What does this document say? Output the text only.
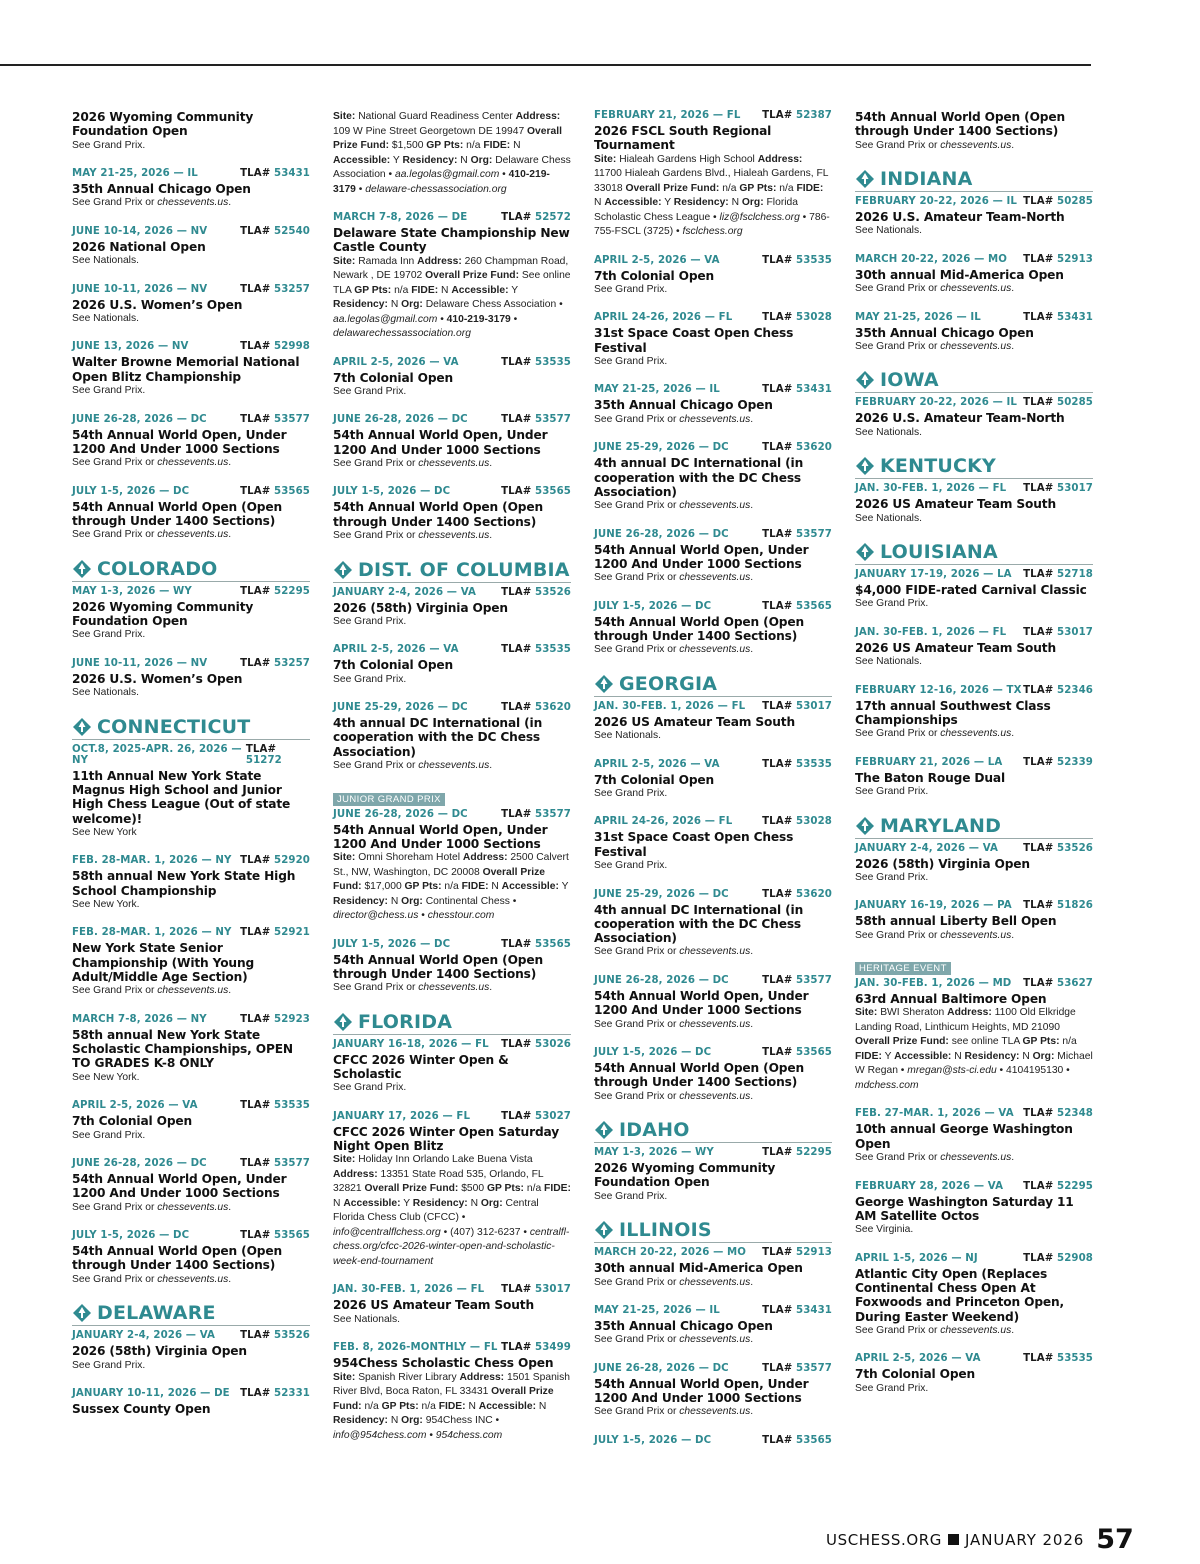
2026 Wyoming Community Foundation Open
See Grand Prix.
MAY 21-25, 2026 — IL	TLA# 53431
35th Annual Chicago Open
See Grand Prix or chessevents.us.
JUNE 10-14, 2026 — NV	TLA# 52540
2026 National Open
See Nationals.
JUNE 10-11, 2026 — NV	TLA# 53257
2026 U.S. Women’s Open
See Nationals.
JUNE 13, 2026 — NV	TLA# 52998
Walter Browne Memorial National Open Blitz Championship
See Grand Prix.
JUNE 26-28, 2026 — DC	TLA# 53577
54th Annual World Open, Under 1200 And Under 1000 Sections
See Grand Prix or chessevents.us.
JULY 1-5, 2026 — DC	TLA# 53565
54th Annual World Open (Open through Under 1400 Sections)
See Grand Prix or chessevents.us.
COLORADO
MAY 1-3, 2026 — WY	TLA# 52295
2026 Wyoming Community Foundation Open
See Grand Prix.
JUNE 10-11, 2026 — NV	TLA# 53257
2026 U.S. Women’s Open
See Nationals.
CONNECTICUT
OCT.8, 2025-APR. 26, 2026 — NY
TLA# 51272
11th Annual New York State Magnus High School and Junior High Chess League (Out of state welcome)!
See New York
FEB. 28-MAR. 1, 2026 — NY TLA# 52920
58th annual New York State High School Championship
See New York.
FEB. 28-MAR. 1, 2026 — NY TLA# 52921
New York State Senior Championship (With Young Adult/Middle Age Section)
See Grand Prix or chessevents.us.
MARCH 7-8, 2026 — NY	TLA# 52923
58th annual New York State Scholastic Championships, OPEN TO GRADES K-8 ONLY
See New York.
APRIL 2-5, 2026 — VA	TLA# 53535
7th Colonial Open
See Grand Prix.
JUNE 26-28, 2026 — DC	TLA# 53577
54th Annual World Open, Under 1200 And Under 1000 Sections
See Grand Prix or chessevents.us.
JULY 1-5, 2026 — DC	TLA# 53565
54th Annual World Open (Open through Under 1400 Sections)
See Grand Prix or chessevents.us.
DELAWARE
JANUARY 2-4, 2026 — VA TLA# 53526
2026 (58th) Virginia Open
See Grand Prix.
JANUARY 10-11, 2026 — DE TLA# 52331
Sussex County Open
Site: National Guard Readiness Center Address: 109 W Pine Street Georgetown DE 19947 Overall Prize Fund: $1,500 GP Pts: n/a FIDE: N Accessible: Y Residency: N Org: Delaware Chess Association • aa.legolas@gmail.com • 410-219-3179 • delaware-chessassociation.org
MARCH 7-8, 2026 — DE	TLA# 52572
Delaware State Championship New Castle County
Site: Ramada Inn Address: 260 Champman Road, Newark , DE 19702 Overall Prize Fund: See online TLA GP Pts: n/a FIDE: N Accessible: Y Residency: N Org: Delaware Chess Association • aa.legolas@gmail.com • 410-219-3179 • delawarechessassociation.org
APRIL 2-5, 2026 — VA	TLA# 53535
7th Colonial Open
See Grand Prix.
JUNE 26-28, 2026 — DC	TLA# 53577
54th Annual World Open, Under 1200 And Under 1000 Sections
See Grand Prix or chessevents.us.
JULY 1-5, 2026 — DC	TLA# 53565
54th Annual World Open (Open through Under 1400 Sections)
See Grand Prix or chessevents.us.
DIST. OF COLUMBIA
JANUARY 2-4, 2026 — VA TLA# 53526
2026 (58th) Virginia Open
See Grand Prix.
APRIL 2-5, 2026 — VA	TLA# 53535
7th Colonial Open
See Grand Prix.
JUNE 25-29, 2026 — DC	TLA# 53620
4th annual DC International (in cooperation with the DC Chess Association)
See Grand Prix or chessevents.us.
JUNIOR GRAND PRIX
JUNE 26-28, 2026 — DC	TLA# 53577
54th Annual World Open, Under 1200 And Under 1000 Sections
Site: Omni Shoreham Hotel Address: 2500 Calvert St., NW, Washington, DC 20008 Overall Prize Fund: $17,000 GP Pts: n/a FIDE: N Accessible: Y Residency: N Org: Continental Chess • director@chess.us • chesstour.com
JULY 1-5, 2026 — DC	TLA# 53565
54th Annual World Open (Open through Under 1400 Sections)
See Grand Prix or chessevents.us.
FLORIDA
JANUARY 16-18, 2026 — FL TLA# 53026
CFCC 2026 Winter Open & Scholastic
See Grand Prix.
JANUARY 17, 2026 — FL	TLA# 53027
CFCC 2026 Winter Open Saturday Night Open Blitz
Site: Holiday Inn Orlando Lake Buena Vista Address: 13351 State Road 535, Orlando, FL 32821 Overall Prize Fund: $500 GP Pts: n/a FIDE: N Accessible: Y Residency: N Org: Central Florida Chess Club (CFCC) • info@centralflchess.org • (407) 312-6237 • centralfl-chess.org/cfcc-2026-winter-open-and-scholastic-week-end-tournament
JAN. 30-FEB. 1, 2026 — FL TLA# 53017
2026 US Amateur Team South
See Nationals.
FEB. 8, 2026-MONTHLY — FL TLA# 53499
954Chess Scholastic Chess Open
Site: Spanish River Library Address: 1501 Spanish River Blvd, Boca Raton, FL 33431 Overall Prize Fund: n/a GP Pts: n/a FIDE: N Accessible: N Residency: N Org: 954Chess INC • info@954chess.com • 954chess.com
FEBRUARY 21, 2026 — FL TLA# 52387
2026 FSCL South Regional Tournament
Site: Hialeah Gardens High School Address: 11700 Hialeah Gardens Blvd., Hialeah Gardens, FL 33018 Overall Prize Fund: n/a GP Pts: n/a FIDE: N Accessible: Y Residency: N Org: Florida Scholastic Chess League • liz@fsclchess.org • 786-755-FSCL (3725) • fsclchess.org
APRIL 2-5, 2026 — VA	TLA# 53535
7th Colonial Open
See Grand Prix.
APRIL 24-26, 2026 — FL	TLA# 53028
31st Space Coast Open Chess Festival
See Grand Prix.
MAY 21-25, 2026 — IL	TLA# 53431
35th Annual Chicago Open
See Grand Prix or chessevents.us.
JUNE 25-29, 2026 — DC	TLA# 53620
4th annual DC International (in cooperation with the DC Chess Association)
See Grand Prix or chessevents.us.
JUNE 26-28, 2026 — DC	TLA# 53577
54th Annual World Open, Under 1200 And Under 1000 Sections
See Grand Prix or chessevents.us.
JULY 1-5, 2026 — DC	TLA# 53565
54th Annual World Open (Open through Under 1400 Sections)
See Grand Prix or chessevents.us.
GEORGIA
JAN. 30-FEB. 1, 2026 — FL TLA# 53017
2026 US Amateur Team South
See Nationals.
APRIL 2-5, 2026 — VA	TLA# 53535
7th Colonial Open
See Grand Prix.
APRIL 24-26, 2026 — FL	TLA# 53028
31st Space Coast Open Chess Festival
See Grand Prix.
JUNE 25-29, 2026 — DC	TLA# 53620
4th annual DC International (in cooperation with the DC Chess Association)
See Grand Prix or chessevents.us.
JUNE 26-28, 2026 — DC	TLA# 53577
54th Annual World Open, Under 1200 And Under 1000 Sections
See Grand Prix or chessevents.us.
JULY 1-5, 2026 — DC	TLA# 53565
54th Annual World Open (Open through Under 1400 Sections)
See Grand Prix or chessevents.us.
IDAHO
MAY 1-3, 2026 — WY	TLA# 52295
2026 Wyoming Community Foundation Open
See Grand Prix.
ILLINOIS
MARCH 20-22, 2026 — MO TLA# 52913
30th annual Mid-America Open
See Grand Prix or chessevents.us.
MAY 21-25, 2026 — IL	TLA# 53431
35th Annual Chicago Open
See Grand Prix or chessevents.us.
JUNE 26-28, 2026 — DC	TLA# 53577
54th Annual World Open, Under 1200 And Under 1000 Sections
See Grand Prix or chessevents.us.
JULY 1-5, 2026 — DC	TLA# 53565
54th Annual World Open (Open through Under 1400 Sections)
See Grand Prix or chessevents.us.
INDIANA
FEBRUARY 20-22, 2026 — IL TLA# 50285
2026 U.S. Amateur Team-North
See Nationals.
MARCH 20-22, 2026 — MO TLA# 52913
30th annual Mid-America Open
See Grand Prix or chessevents.us.
MAY 21-25, 2026 — IL	TLA# 53431
35th Annual Chicago Open
See Grand Prix or chessevents.us.
IOWA
FEBRUARY 20-22, 2026 — IL TLA# 50285
2026 U.S. Amateur Team-North
See Nationals.
KENTUCKY
JAN. 30-FEB. 1, 2026 — FL TLA# 53017
2026 US Amateur Team South
See Nationals.
LOUISIANA
JANUARY 17-19, 2026 — LA TLA# 52718
$4,000 FIDE-rated Carnival Classic
See Grand Prix.
JAN. 30-FEB. 1, 2026 — FL TLA# 53017
2026 US Amateur Team South
See Nationals.
FEBRUARY 12-16, 2026 — TX TLA# 52346
17th annual Southwest Class Championships
See Grand Prix or chessevents.us.
FEBRUARY 21, 2026 — LA TLA# 52339
The Baton Rouge Dual
See Grand Prix.
MARYLAND
JANUARY 2-4, 2026 — VA TLA# 53526
2026 (58th) Virginia Open
See Grand Prix.
JANUARY 16-19, 2026 — PA TLA# 51826
58th annual Liberty Bell Open
See Grand Prix or chessevents.us.
HERITAGE EVENT
JAN. 30-FEB. 1, 2026 — MD TLA# 53627
63rd Annual Baltimore Open
Site: BWI Sheraton Address: 1100 Old Elkridge Landing Road, Linthicum Heights, MD 21090 Overall Prize Fund: see online TLA GP Pts: n/a FIDE: Y Accessible: N Residency: N Org: Michael W Regan • mregan@sts-ci.edu • 4104195130 • mdchess.com
FEB. 27-MAR. 1, 2026 — VA TLA# 52348
10th annual George Washington Open
See Grand Prix or chessevents.us.
FEBRUARY 28, 2026 — VA TLA# 52295
George Washington Saturday 11 AM Satellite Octos
See Virginia.
APRIL 1-5, 2026 — NJ	TLA# 52908
Atlantic City Open (Replaces Continental Chess Open At Foxwoods and Princeton Open, During Easter Weekend)
See Grand Prix or chessevents.us.
APRIL 2-5, 2026 — VA	TLA# 53535
7th Colonial Open
See Grand Prix.
USCHESS.ORG JANUARY 2026 57
